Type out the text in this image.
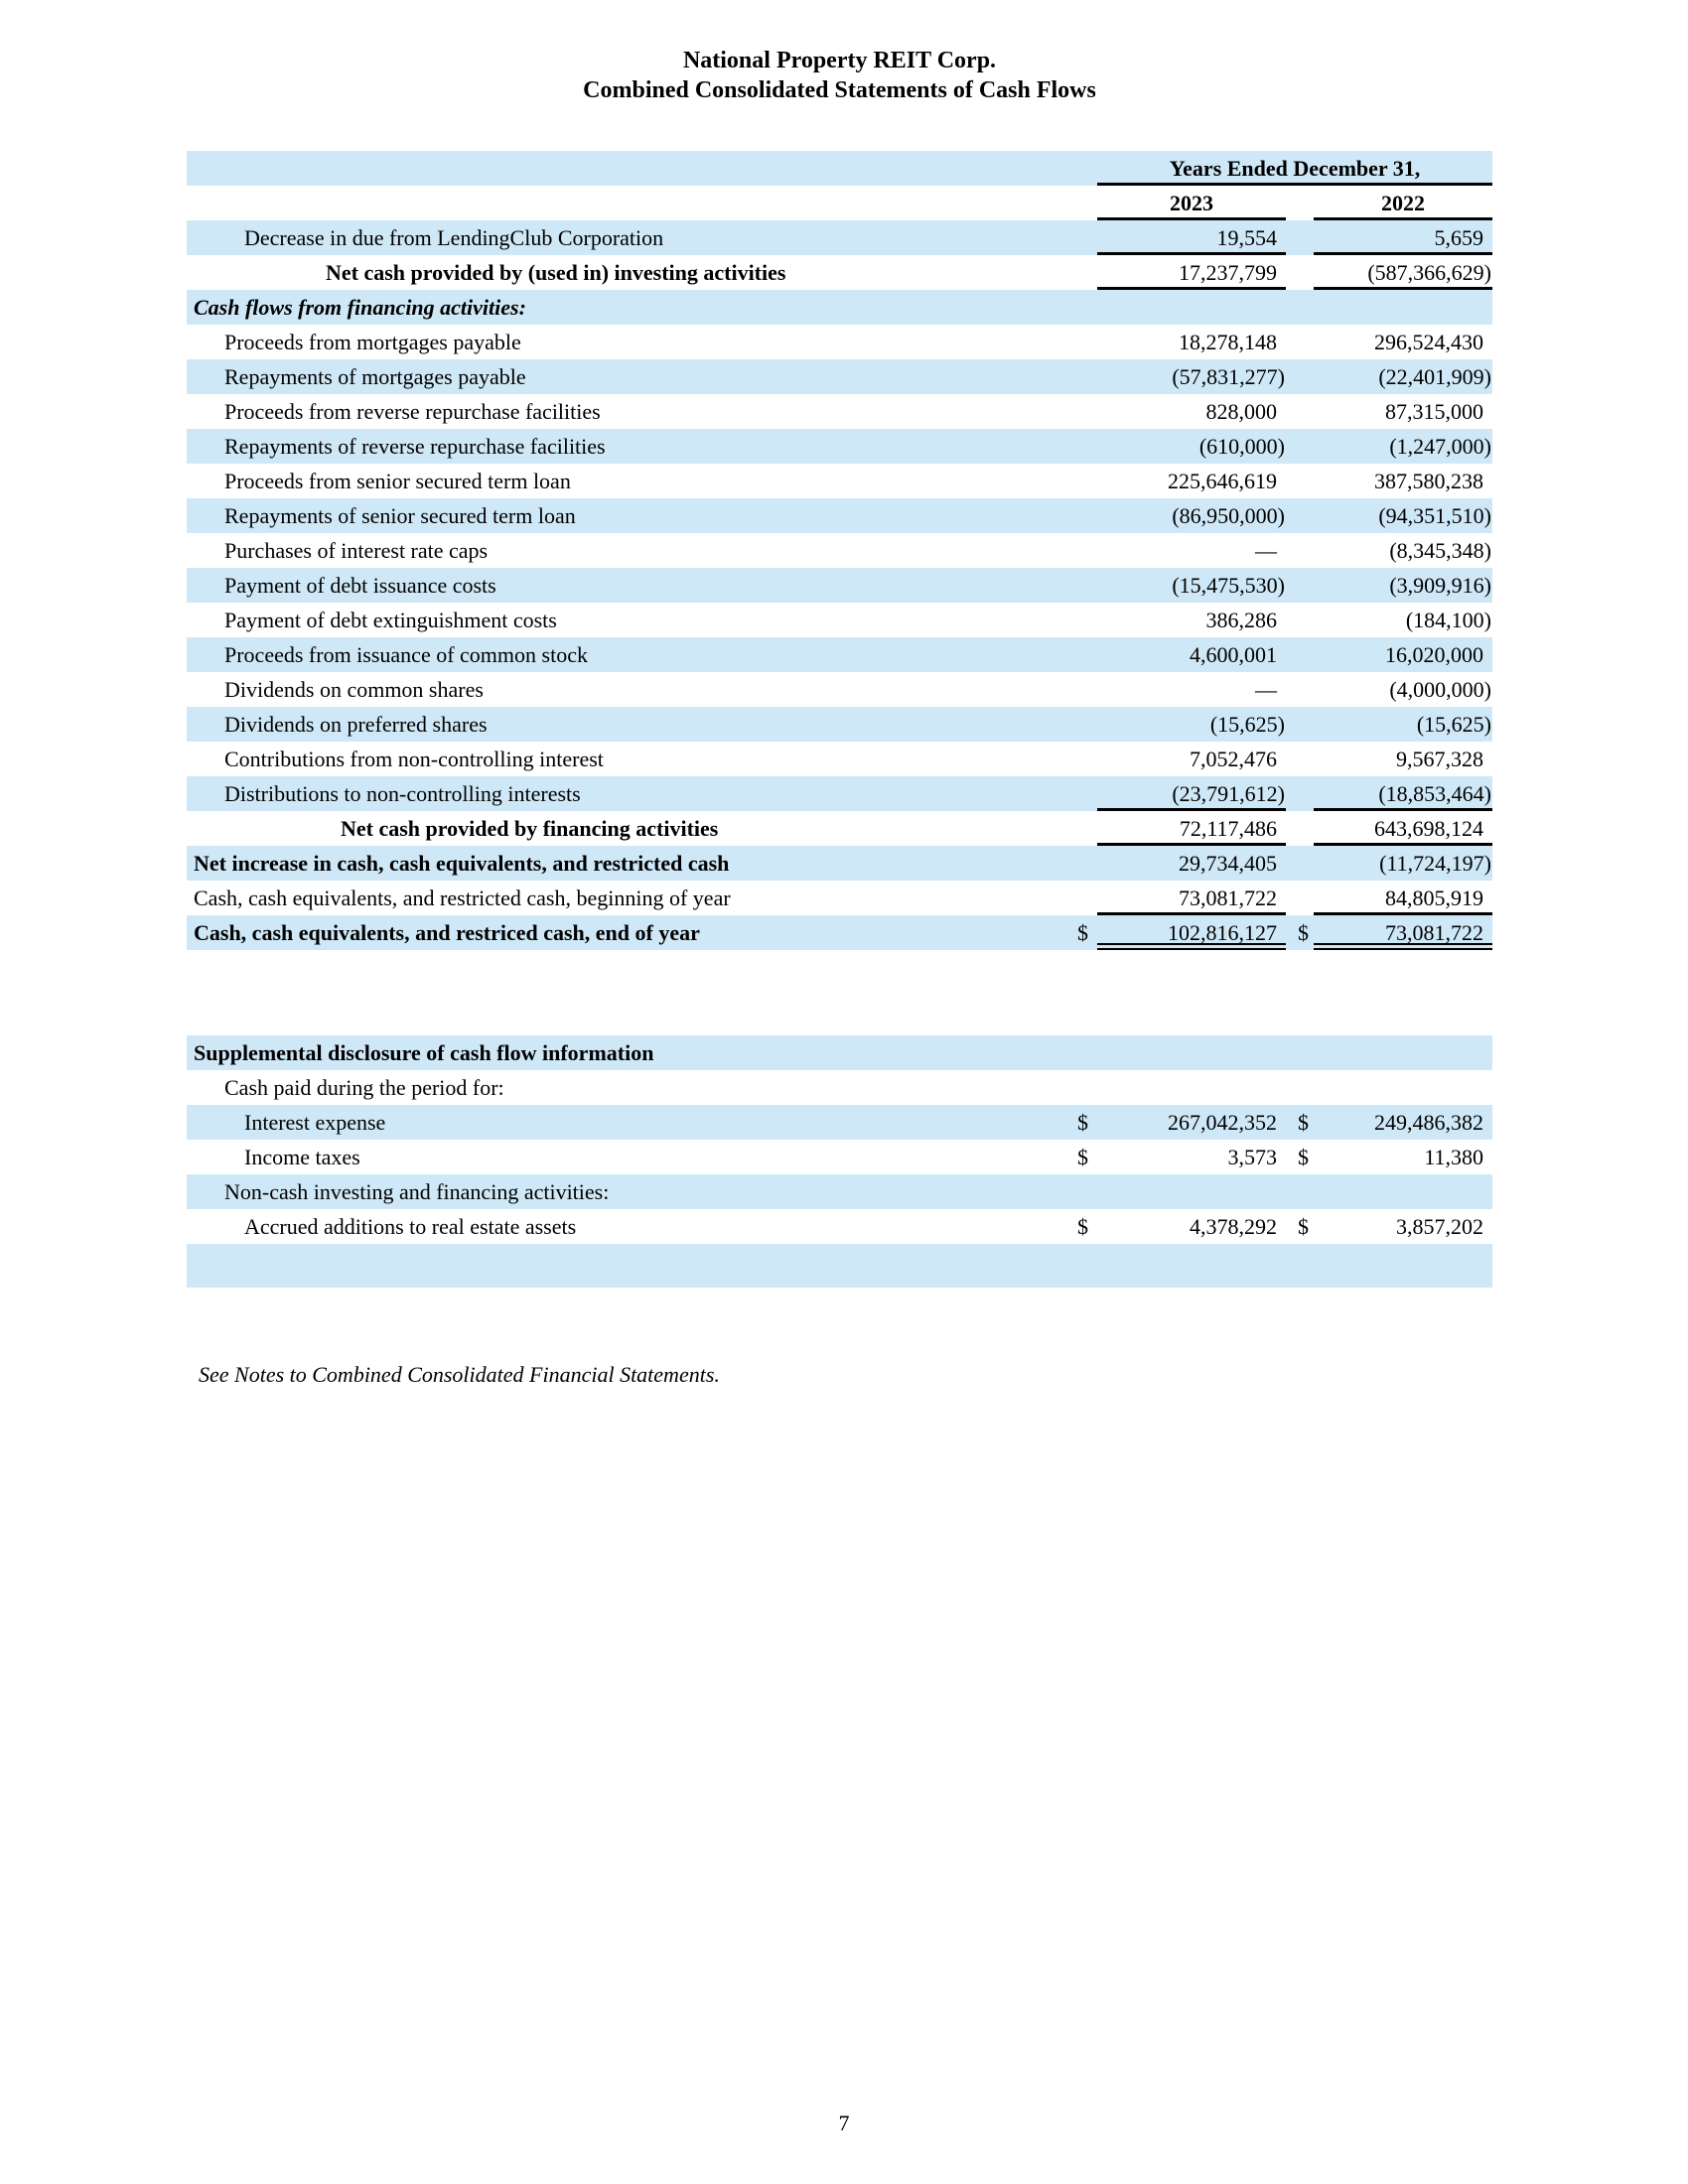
National Property REIT Corp.
Combined Consolidated Statements of Cash Flows
Years Ended December 31,
2023	2022
Decrease in due from LendingClub Corporation	19,554	5,659
Net cash provided by (used in) investing activities	17,237,799	(587,366,629)
Cash flows from financing activities:
Proceeds from mortgages payable	18,278,148	296,524,430
Repayments of mortgages payable	(57,831,277)	(22,401,909)
Proceeds from reverse repurchase facilities	828,000	87,315,000
Repayments of reverse repurchase facilities	(610,000)	(1,247,000)
Proceeds from senior secured term loan	225,646,619	387,580,238
Repayments of senior secured term loan	(86,950,000)	(94,351,510)
Purchases of interest rate caps	—	(8,345,348)
Payment of debt issuance costs	(15,475,530)	(3,909,916)
Payment of debt extinguishment costs	386,286	(184,100)
Proceeds from issuance of common stock	4,600,001	16,020,000
Dividends on common shares	—	(4,000,000)
Dividends on preferred shares	(15,625)	(15,625)
Contributions from non-controlling interest	7,052,476	9,567,328
Distributions to non-controlling interests	(23,791,612)	(18,853,464)
Net cash provided by financing activities	72,117,486	643,698,124
Net increase in cash, cash equivalents, and restricted cash	29,734,405	(11,724,197)
Cash, cash equivalents, and restricted cash, beginning of year	73,081,722	84,805,919
Cash, cash equivalents, and restriced cash, end of year	$	102,816,127 $	73,081,722
Supplemental disclosure of cash flow information
Cash paid during the period for:
Interest expense	$	267,042,352 $	249,486,382
Income taxes	$	3,573 $	11,380
Non-cash investing and financing activities:
Accrued additions to real estate assets	$	4,378,292 $	3,857,202
See Notes to Combined Consolidated Financial Statements.
7
